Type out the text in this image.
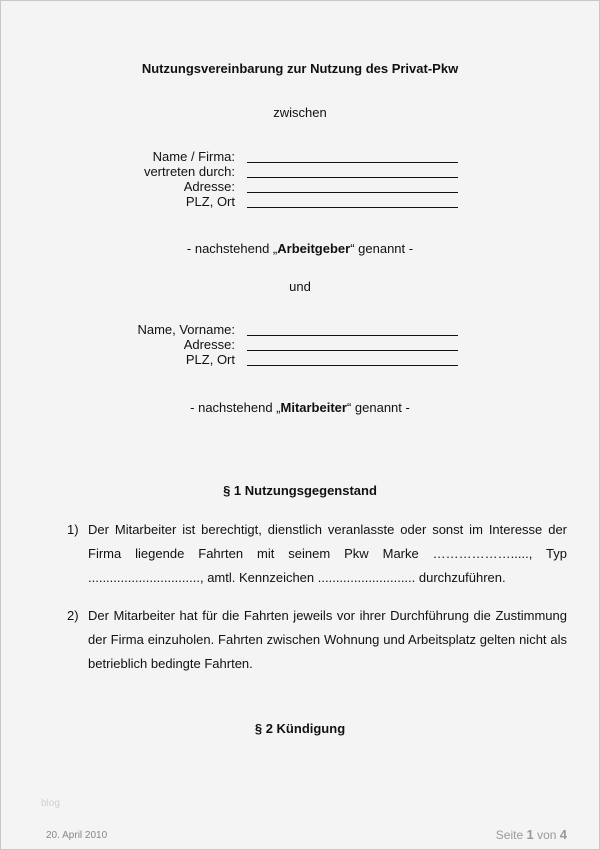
Nutzungsvereinbarung zur Nutzung des Privat-Pkw
zwischen
Name / Firma:
vertreten durch:
Adresse:
PLZ, Ort
- nachstehend „Arbeitgeber“ genannt -
und
Name, Vorname:
Adresse:
PLZ, Ort
- nachstehend „Mitarbeiter“ genannt -
§ 1 Nutzungsgegenstand
1) Der Mitarbeiter ist berechtigt, dienstlich veranlasste oder sonst im Interesse der Firma liegende Fahrten mit seinem Pkw Marke ………………....., Typ ..............................., amtl. Kennzeichen ........................... durchzuführen.
2) Der Mitarbeiter hat für die Fahrten jeweils vor ihrer Durchführung die Zustimmung der Firma einzuholen. Fahrten zwischen Wohnung und Arbeitsplatz gelten nicht als betrieblich bedingte Fahrten.
§ 2 Kündigung
blog
20. April 2010	Seite 1 von 4
